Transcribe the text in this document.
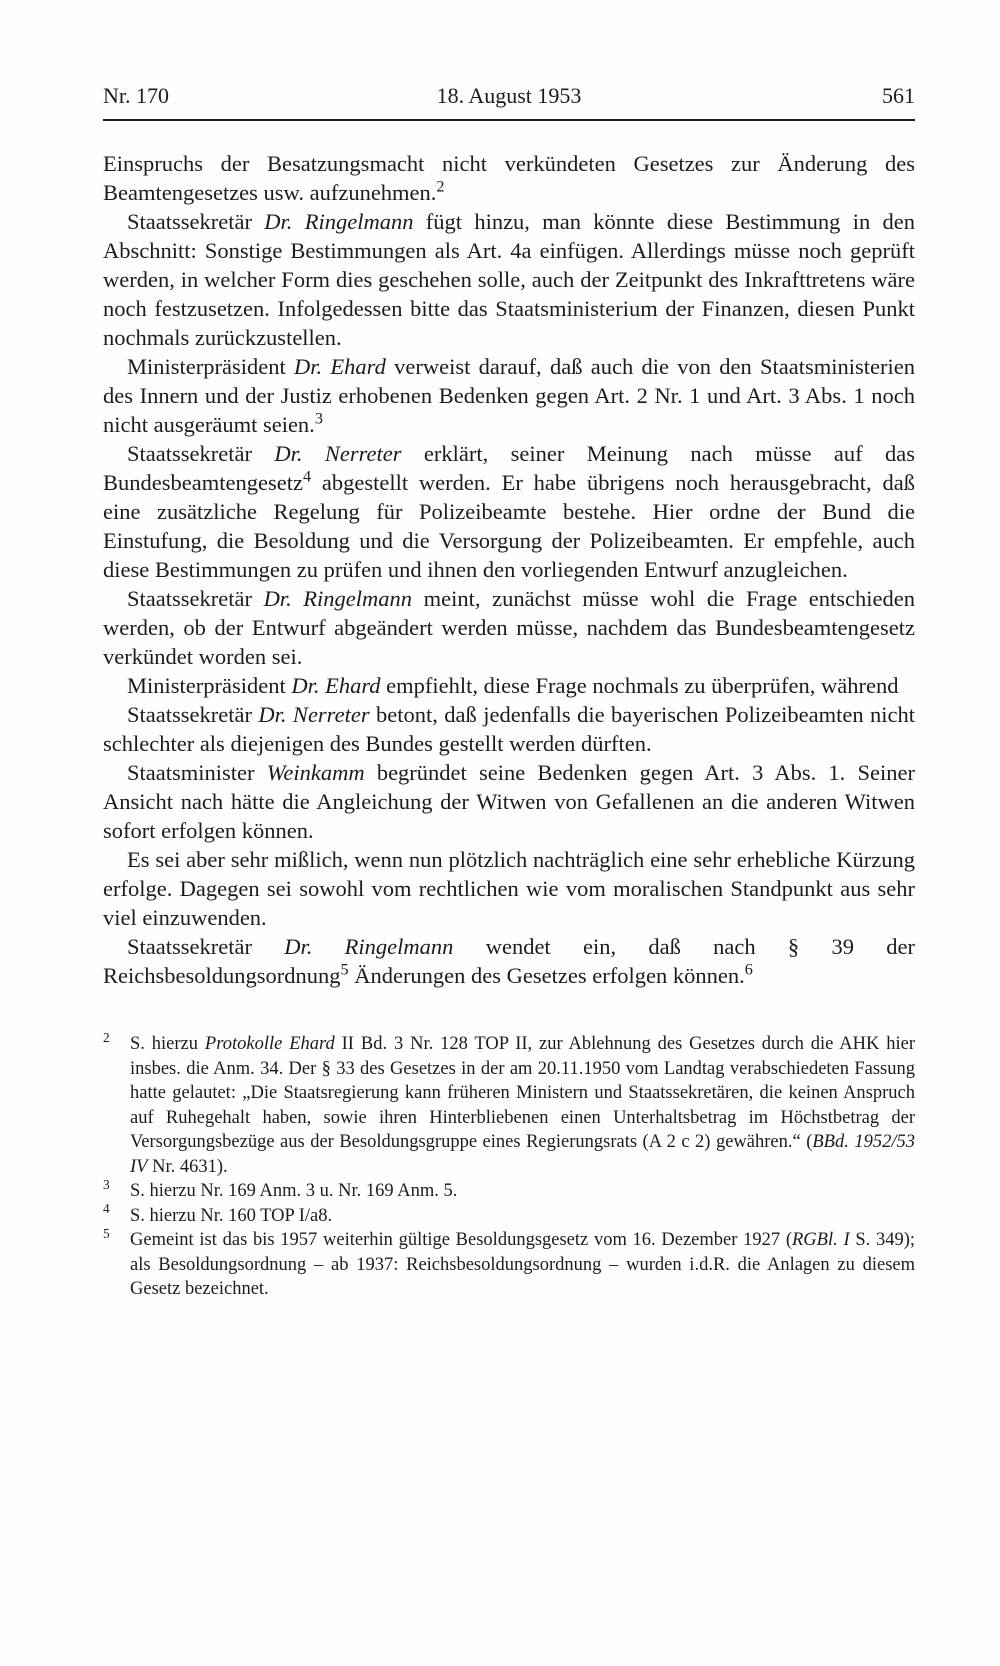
Nr. 170	18. August 1953	561

Einspruchs der Besatzungsmacht nicht verkündeten Gesetzes zur Änderung des Beamtengesetzes usw. aufzunehmen.$^2$

Staatssekretär Dr. Ringelmann fügt hinzu, man könnte diese Bestimmung in den Abschnitt: Sonstige Bestimmungen als Art. 4a einfügen. Allerdings müsse noch geprüft werden, in welcher Form dies geschehen solle, auch der Zeitpunkt des Inkrafttretens wäre noch festzusetzen. Infolgedessen bitte das Staatsministerium der Finanzen, diesen Punkt nochmals zurückzustellen.

Ministerpräsident Dr. Ehard verweist darauf, daß auch die von den Staatsministerien des Innern und der Justiz erhobenen Bedenken gegen Art. 2 Nr. 1 und Art. 3 Abs. 1 noch nicht ausgeräumt seien.$^3$

Staatssekretär Dr. Nerreter erklärt, seiner Meinung nach müsse auf das Bundesbeamtengesetz$^4$ abgestellt werden. Er habe übrigens noch herausgebracht, daß eine zusätzliche Regelung für Polizeibeamte bestehe. Hier ordne der Bund die Einstufung, die Besoldung und die Versorgung der Polizeibeamten. Er empfehle, auch diese Bestimmungen zu prüfen und ihnen den vorliegenden Entwurf anzugleichen.

Staatssekretär Dr. Ringelmann meint, zunächst müsse wohl die Frage entschieden werden, ob der Entwurf abgeändert werden müsse, nachdem das Bundesbeamtengesetz verkündet worden sei.

Ministerpräsident Dr. Ehard empfiehlt, diese Frage nochmals zu überprüfen, während

Staatssekretär Dr. Nerreter betont, daß jedenfalls die bayerischen Polizeibeamten nicht schlechter als diejenigen des Bundes gestellt werden dürften.

Staatsminister Weinkamm begründet seine Bedenken gegen Art. 3 Abs. 1. Seiner Ansicht nach hätte die Angleichung der Witwen von Gefallenen an die anderen Witwen sofort erfolgen können.

Es sei aber sehr mißlich, wenn nun plötzlich nachträglich eine sehr erhebliche Kürzung erfolge. Dagegen sei sowohl vom rechtlichen wie vom moralischen Standpunkt aus sehr viel einzuwenden.

Staatssekretär Dr. Ringelmann wendet ein, daß nach § 39 der Reichsbesoldungsordnung$^5$ Änderungen des Gesetzes erfolgen können.$^6$

$^2$ S. hierzu Protokolle Ehard II Bd. 3 Nr. 128 TOP II, zur Ablehnung des Gesetzes durch die AHK hier insbes. die Anm. 34. Der § 33 des Gesetzes in der am 20.11.1950 vom Landtag verabschiedeten Fassung hatte gelautet: „Die Staatsregierung kann früheren Ministern und Staatssekretären, die keinen Anspruch auf Ruhegehalt haben, sowie ihren Hinterbliebenen einen Unterhaltsbetrag im Höchstbetrag der Versorgungsbezüge aus der Besoldungsgruppe eines Regierungsrats (A 2 c 2) gewähren.“ (BBd. 1952/53 IV Nr. 4631).

$^3$ S. hierzu Nr. 169 Anm. 3 u. Nr. 169 Anm. 5.

$^4$ S. hierzu Nr. 160 TOP I/a8.

$^5$ Gemeint ist das bis 1957 weiterhin gültige Besoldungsgesetz vom 16. Dezember 1927 (RGBl. I S. 349); als Besoldungsordnung – ab 1937: Reichsbesoldungsordnung – wurden i.d.R. die Anlagen zu diesem Gesetz bezeichnet.
